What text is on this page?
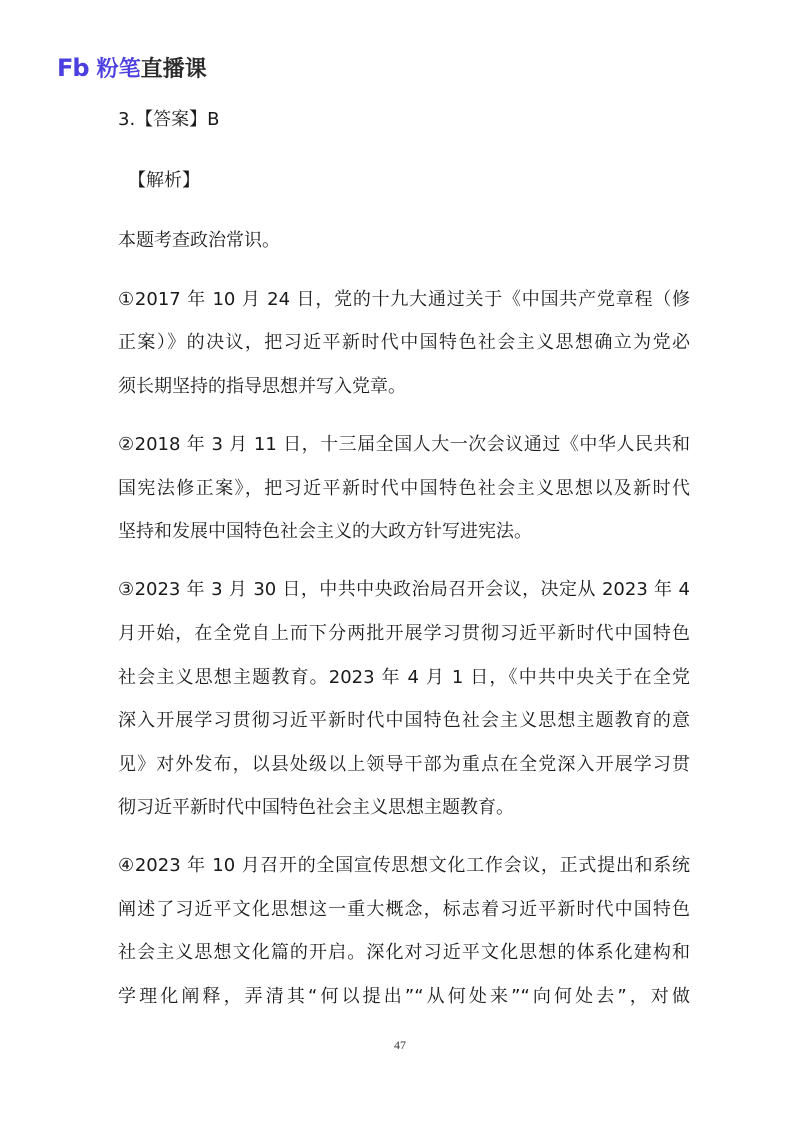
Fb 粉笔直播课
3.【答案】B
【解析】
本题考查政治常识。
①2017 年 10 月 24 日，党的十九大通过关于《中国共产党章程（修
正案）》的决议，把习近平新时代中国特色社会主义思想确立为党必
须长期坚持的指导思想并写入党章。
②2018 年 3 月 11 日，十三届全国人大一次会议通过《中华人民共和
国宪法修正案》，把习近平新时代中国特色社会主义思想以及新时代
坚持和发展中国特色社会主义的大政方针写进宪法。
③2023 年 3 月 30 日，中共中央政治局召开会议，决定从 2023 年 4
月开始，在全党自上而下分两批开展学习贯彻习近平新时代中国特色
社会主义思想主题教育。2023 年 4 月 1 日，《中共中央关于在全党
深入开展学习贯彻习近平新时代中国特色社会主义思想主题教育的意
见》对外发布，以县处级以上领导干部为重点在全党深入开展学习贯
彻习近平新时代中国特色社会主义思想主题教育。
④2023 年 10 月召开的全国宣传思想文化工作会议，正式提出和系统
阐述了习近平文化思想这一重大概念，标志着习近平新时代中国特色
社会主义思想文化篇的开启。深化对习近平文化思想的体系化建构和
学理化阐释，弄清其“何以提出”“从何处来”“向何处去”，对做
47
